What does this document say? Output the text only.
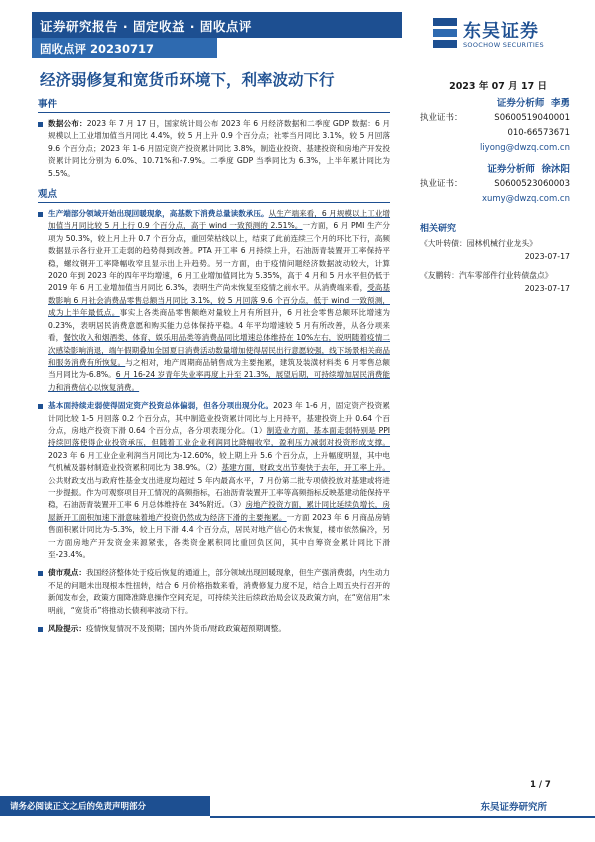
证券研究报告 · 固定收益 · 固收点评
固收点评 20230717
东吴证券
SOOCHOW SECURITIES
经济弱修复和宽货币环境下，利率波动下行	2023 年 07 月 17 日
事件
数据公布：2023 年 7 月 17 日，国家统计局公布 2023 年 6 月经济数据和二季度 GDP 数据：6 月规模以上工业增加值当月同比 4.4%，较 5 月上升 0.9 个百分点；社零当月同比 3.1%，较 5 月回落 9.6 个百分点；2023 年 1-6 月固定资产投资累计同比 3.8%，制造业投资、基建投资和房地产开发投资累计同比分别为 6.0%、10.71%和-7.9%。二季度 GDP 当季同比为 6.3%，上半年累计同比为 5.5%。
观点
生产端部分领域开始出现回暖现象，高基数下消费总量读数承压。从生产端来看，6 月规模以上工业增加值当月同比较 5 月上行 0.9 个百分点，高于 wind 一致预测的 2.51%。一方面，6 月 PMI 生产分项为 50.3%，较上月上升 0.7 个百分点，重回荣枯线以上，结束了此前连续三个月的环比下行，高频数据显示各行业开工走弱的趋势得到改善。PTA 开工率 6 月持续上升，石油沥青装置开工率保持平稳，螺纹钢开工率降幅收窄且显示出上升趋势。另一方面，由于疫情问题经济数据波动较大，计算 2020 年到 2023 年的四年平均增速，6 月工业增加值同比为 5.35%，高于 4 月和 5 月水平但仍低于 2019 年 6 月工业增加值当月同比 6.3%，表明生产尚未恢复至疫情之前水平。从消费端来看，受高基数影响 6 月社会消费品零售总额当月同比 3.1%，较 5 月回落 9.6 个百分点，低于 wind 一致预测，成为上半年最低点。事实上各类商品零售额绝对量较上月有所回升，6 月社会零售总额环比增速为 0.23%，表明居民消费意愿和购买能力总体保持平稳。4 年平均增速较 5 月有所改善，从各分项来看，餐饮收入和烟酒类、体育、娱乐用品类等消费品同比增速总体维持在 10%左右，说明随着疫情二次感染影响消退，端午假期叠加全国夏日消费活动数量增加使得居民出行意愿较强，线下场景相关商品和服务消费有所恢复。与之相对，地产周期商品销售成为主要拖累，建筑及装潢材料类 6 月零售总额当月同比为-6.8%。6 月 16-24 岁青年失业率再度上升至 21.3%，展望后期，可持续增加居民消费能力和消费信心以恢复消费。
基本面持续走弱使得固定资产投资总体偏弱，但各分项出现分化。2023 年 1-6 月，固定资产投资累计同比较 1-5 月回落 0.2 个百分点，其中制造业投资累计同比与上月持平，基建投资上升 0.64 个百分点，房地产投资下滑 0.64 个百分点，各分项表现分化。（1）制造业方面，基本面走弱特别是 PPI 持续回落使得企业投资承压，但随着工业企业利润同比降幅收窄，盈利压力减弱对投资形成支撑。2023 年 6 月工业企业利润当月同比为-12.60%，较上期上升 5.6 个百分点，上升幅度明显，其中电气机械及器材制造业投资累积同比为 38.9%。（2）基建方面，财政支出节奏快于去年，开工率上升。公共财政支出与政府性基金支出进度均超过 5 年内最高水平，7 月份第二批专项债投放对基建或将进一步提振。作为可观察项目开工情况的高频指标，石油沥青装置开工率等高频指标反映基建动能保持平稳，石油沥青装置开工率 6 月总体维持在 34%附近。（3）房地产投资方面，累计同比延续负增长，房屋新开工面积加速下滑意味着地产投资仍然成为经济下滑的主要拖累。一方面 2023 年 6 月商品房销售面积累计同比为-5.3%，较上月下滑 4.4 个百分点，居民对地产信心仍未恢复，楼市依然偏冷，另一方面房地产开发资金来源紧张，各类资金累积同比重回负区间，其中自筹资金累计同比下滑至-23.4%。
债市观点：我国经济整体处于疫后恢复的通道上，部分领域出现回暖现象，但生产强消费弱，内生动力不足的问题未出现根本性扭转，结合 6 月价格指数来看，消费修复力度不足，结合上周五央行召开的新闻发布会，政策方面降准降息操作空间充足，可持续关注后续政治局会议及政策方向，在“宽信用”未明前，“宽货币”将推动长债利率波动下行。
风险提示：疫情恢复情况不及预期；国内外货币/财政政策超预期调整。
证券分析师 李勇
执业证书：	S0600519040001
010-66573671
liyong@dwzq.com.cn
证券分析师 徐沐阳
执业证书：	S0600523060003
xumy@dwzq.com.cn
相关研究
《大叶转债：园林机械行业龙头》
2023-07-17
《友鹏转：汽车零部件行业转债盘点》
2023-07-17
1 / 7
请务必阅读正文之后的免责声明部分	东吴证券研究所
